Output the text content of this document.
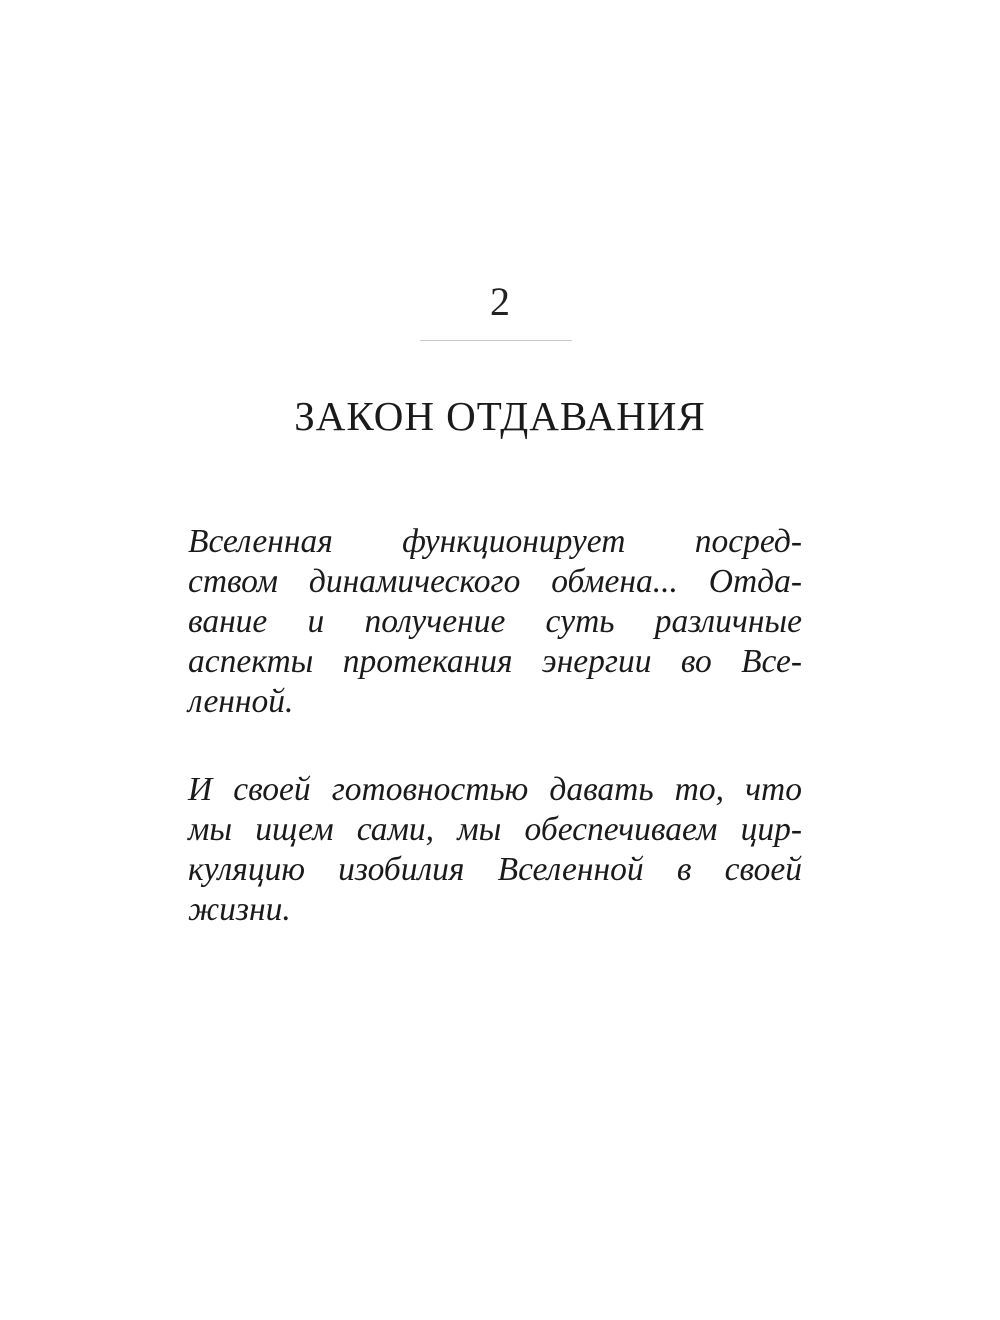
2
ЗАКОН ОТДАВАНИЯ
Вселенная функционирует посред-
ством динамического обмена... Отда-
вание и получение суть различные
аспекты протекания энергии во Все-
ленной.
И своей готовностью давать то, что
мы ищем сами, мы обеспечиваем цир-
куляцию изобилия Вселенной в своей
жизни.
